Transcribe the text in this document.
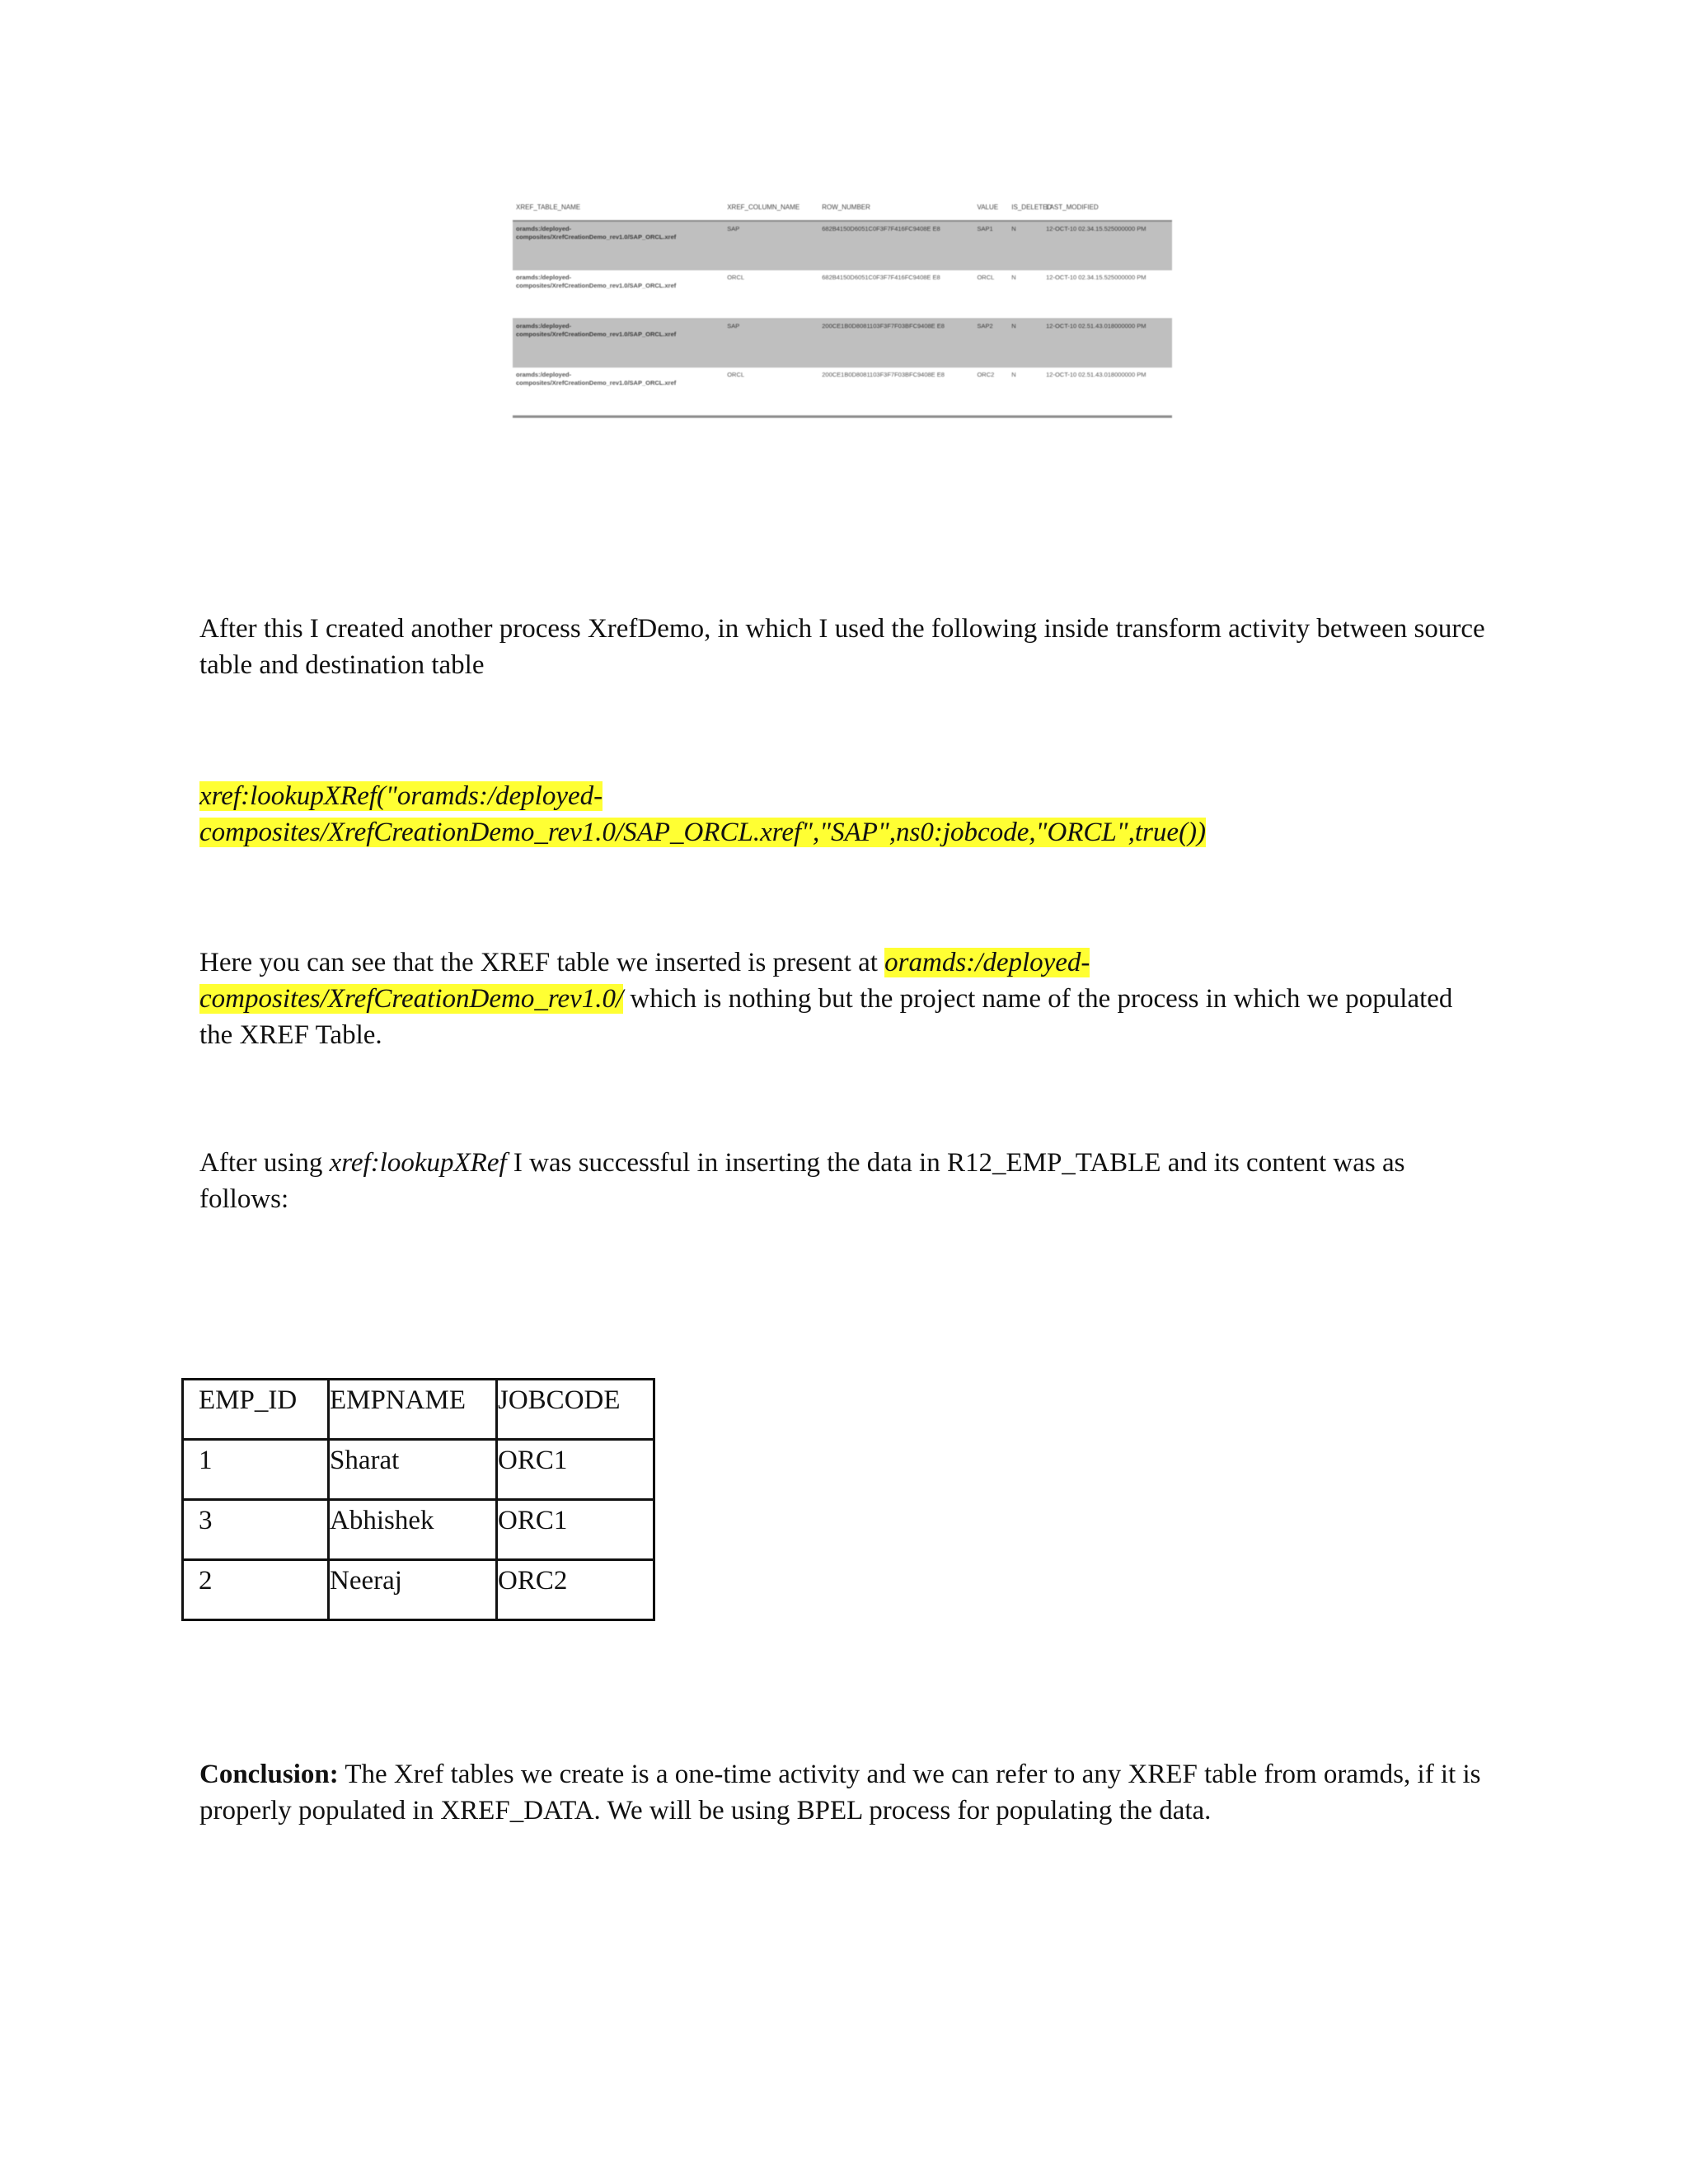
XREF_TABLE_NAME	XREF_COLUMN_NAME	ROW_NUMBER	VALUE	IS_DELETED	LAST_MODIFIED
oramds:/deployed-composites/XrefCreationDemo_rev1.0/SAP_ORCL.xref	SAP	682B4150D6051C0F3F7F416FC9408E E8	SAP1	N	12-OCT-10 02.34.15.525000000 PM
oramds:/deployed-composites/XrefCreationDemo_rev1.0/SAP_ORCL.xref	ORCL	682B4150D6051C0F3F7F416FC9408E E8	ORCL	N	12-OCT-10 02.34.15.525000000 PM
oramds:/deployed-composites/XrefCreationDemo_rev1.0/SAP_ORCL.xref	SAP	200CE1B0D8081103F3F7F03BFC9408E E8	SAP2	N	12-OCT-10 02.51.43.018000000 PM
oramds:/deployed-composites/XrefCreationDemo_rev1.0/SAP_ORCL.xref	ORCL	200CE1B0D8081103F3F7F03BFC9408E E8	ORC2	N	12-OCT-10 02.51.43.018000000 PM

After this I created another process XrefDemo, in which I used the following inside transform activity between source table and destination table

xref:lookupXRef("oramds:/deployed-
composites/XrefCreationDemo_rev1.0/SAP_ORCL.xref","SAP",ns0:jobcode,"ORCL",true())

Here you can see that the XREF table we inserted is present at oramds:/deployed-
composites/XrefCreationDemo_rev1.0/ which is nothing but the project name of the process in which we populated the XREF Table.

After using xref:lookupXRef I was successful in inserting the data in R12_EMP_TABLE and its content was as follows:

EMP_ID	EMPNAME	JOBCODE

1	Sharat	ORC1

3	Abhishek	ORC1

2	Neeraj	ORC2

Conclusion: The Xref tables we create is a one-time activity and we can refer to any XREF table from oramds, if it is properly populated in XREF_DATA. We will be using BPEL process for populating the data.
